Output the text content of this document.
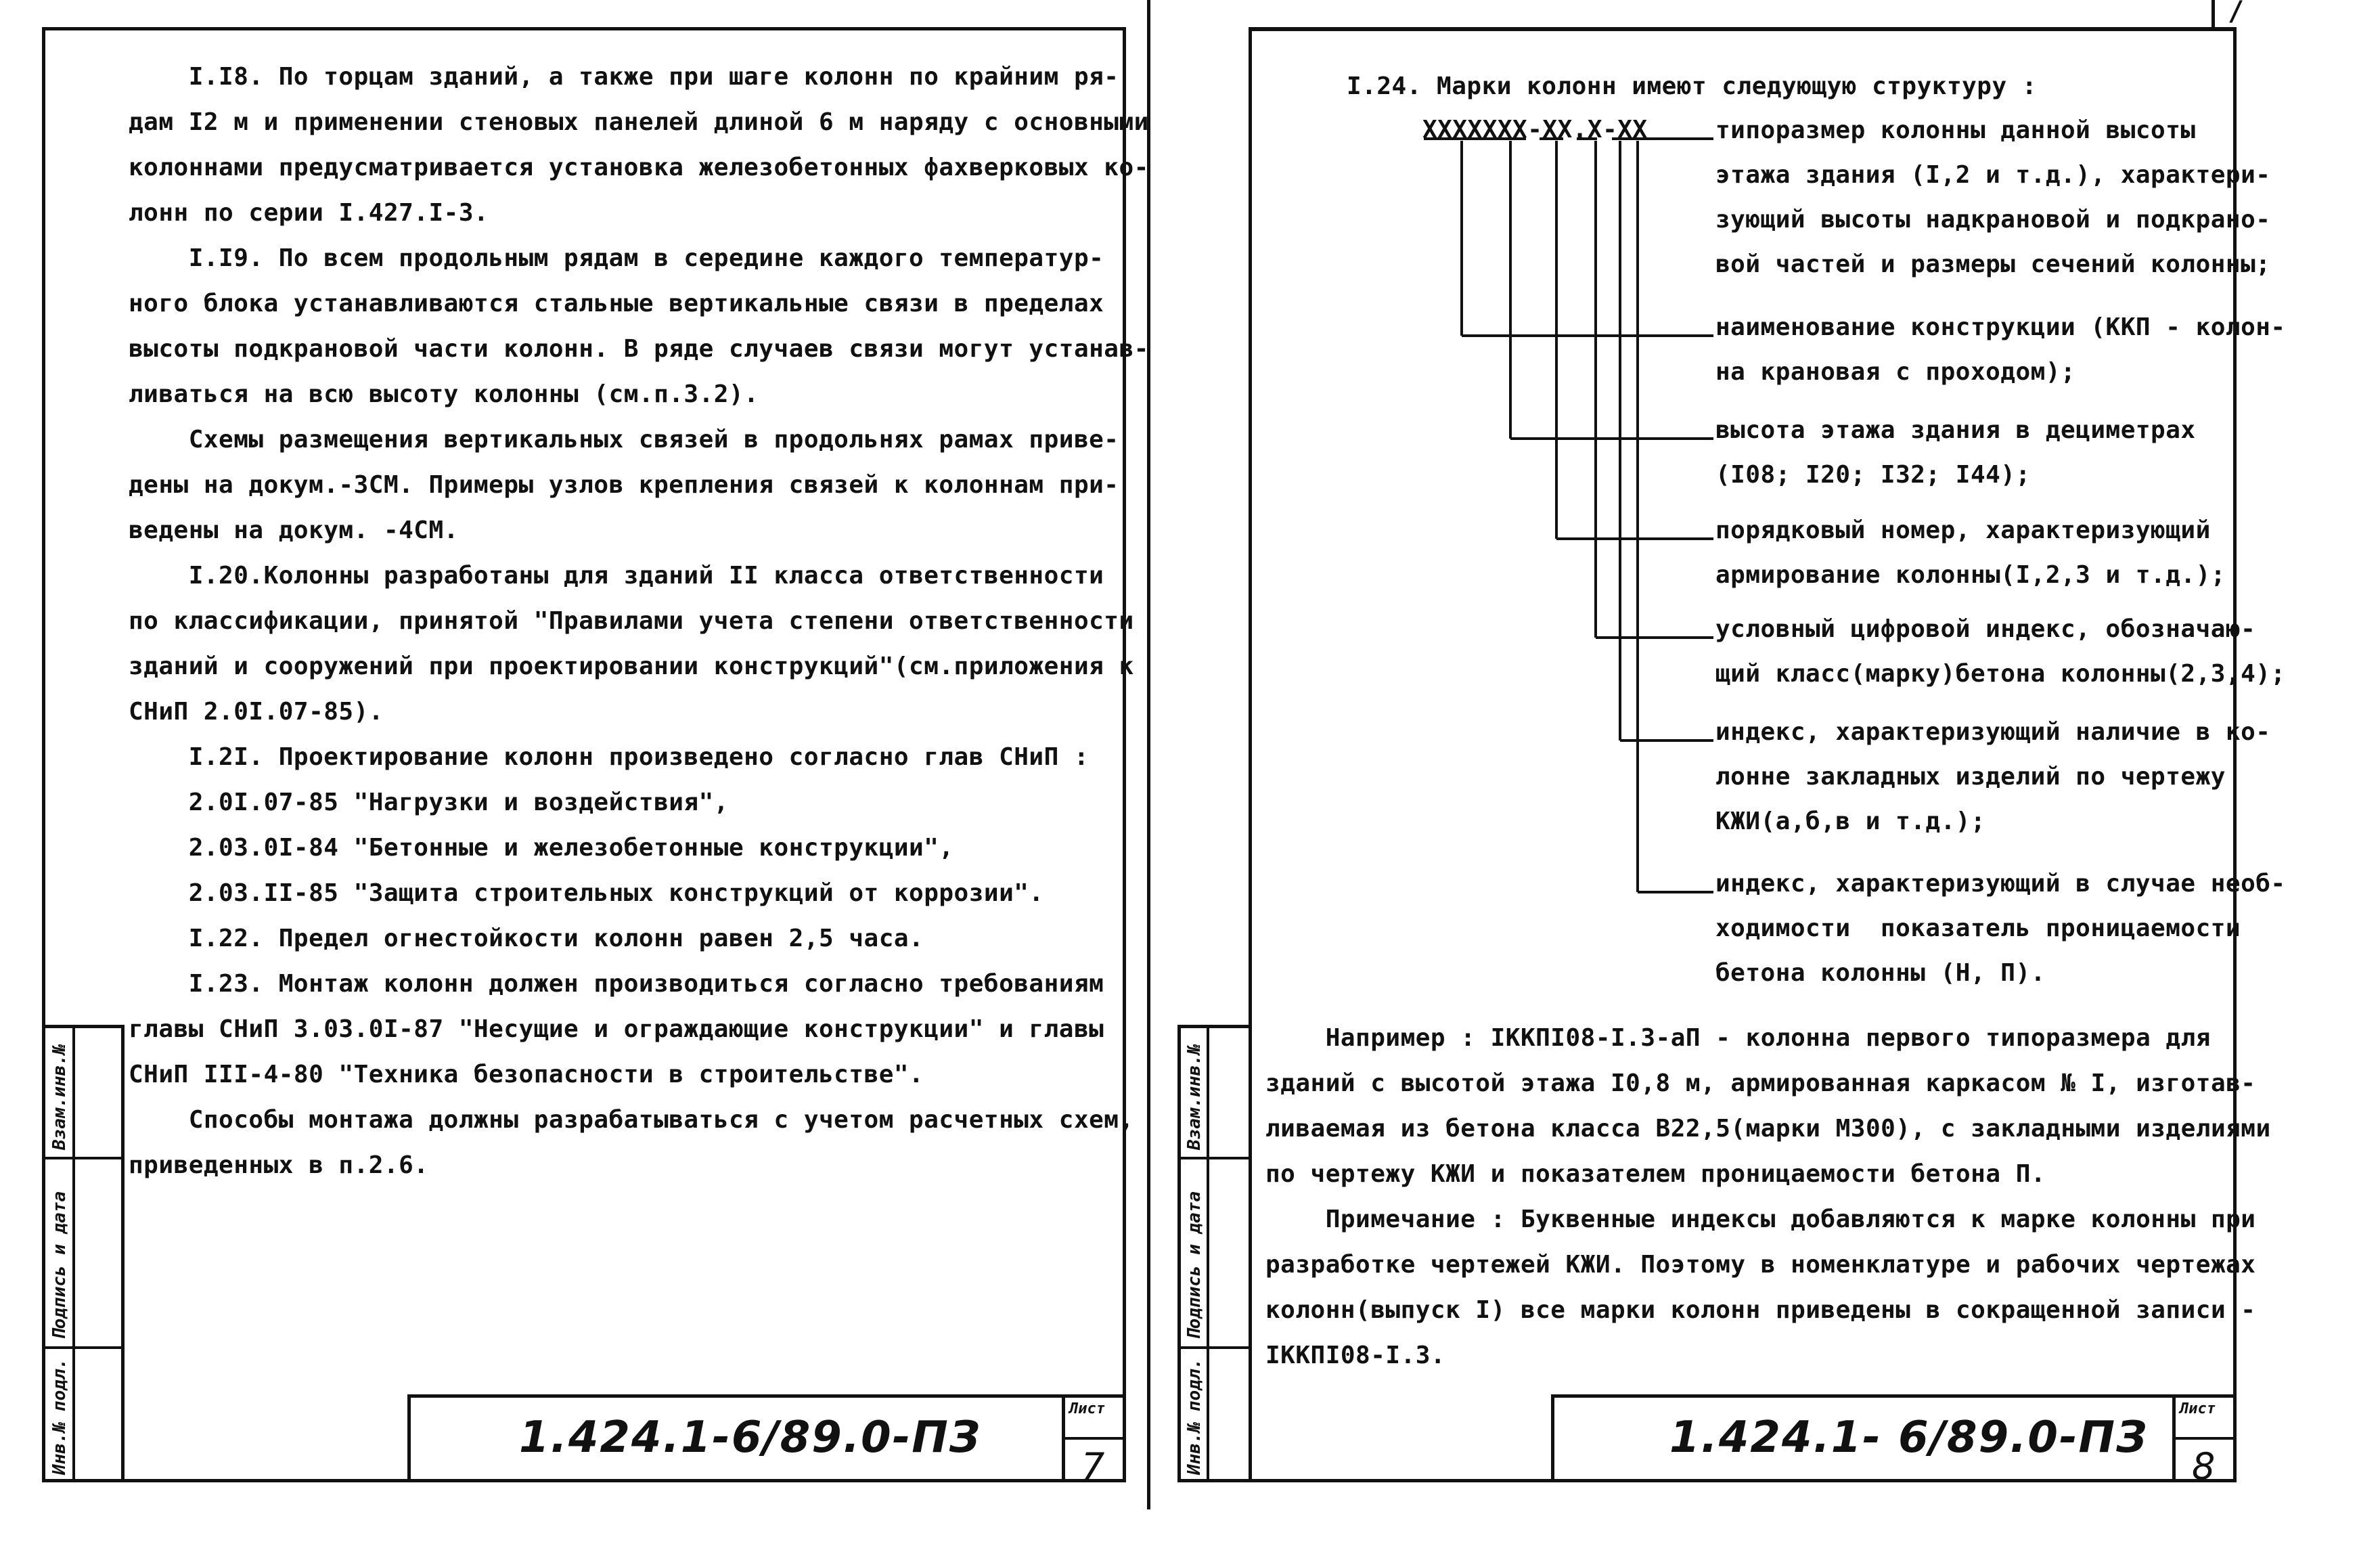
/
I.I8. По торцам зданий, а также при шаге колонн по крайним ря-
дам I2 м и применении стеновых панелей длиной 6 м наряду с основными
колоннами предусматривается установка железобетонных фахверковых ко-
лонн по серии I.427.I-3.
I.I9. По всем продольным рядам в середине каждого температур-
ного блока устанавливаются стальные вертикальные связи в пределах
высоты подкрановой части колонн. В ряде случаев связи могут устанав-
ливаться на всю высоту колонны (см.п.3.2).
Схемы размещения вертикальных связей в продольнях рамах приве-
дены на докум.-3СМ. Примеры узлов крепления связей к колоннам при-
ведены на докум. -4СМ.
I.20.Колонны разработаны для зданий II класса ответственности
по классификации, принятой "Правилами учета степени ответственности
зданий и сооружений при проектировании конструкций"(см.приложения к
СНиП 2.0I.07-85).
I.2I. Проектирование колонн произведено согласно глав СНиП :
2.0I.07-85 "Нагрузки и воздействия",
2.03.0I-84 "Бетонные и железобетонные конструкции",
2.03.II-85 "Защита строительных конструкций от коррозии".
I.22. Предел огнестойкости колонн равен 2,5 часа.
I.23. Монтаж колонн должен производиться согласно требованиям
главы СНиП 3.03.0I-87 "Несущие и ограждающие конструкции" и главы
СНиП III-4-80 "Техника безопасности в строительстве".
Способы монтажа должны разрабатываться с учетом расчетных схем,
приведенных в п.2.6.
Инв.№ подл.
Подпись и дата
Взам.инв.№
1.424.1-6/89.0-ПЗ
Лист
7
I.24. Марки колонн имеют следующую структуру :
XXXXXXX-XX.X-XX	типоразмер колонны данной высоты
этажа здания (I,2 и т.д.), характери-
зующий высоты надкрановой и подкрано-
вой частей и размеры сечений колонны;
наименование конструкции (ККП - колон-
на крановая с проходом);
высота этажа здания в дециметрах
(I08; I20; I32; I44);
порядковый номер, характеризующий
армирование колонны(I,2,3 и т.д.);
условный цифровой индекс, обозначаю-
щий класс(марку)бетона колонны(2,3,4);
индекс, характеризующий наличие в ко-
лонне закладных изделий по чертежу
КЖИ(а,б,в и т.д.);
индекс, характеризующий в случае необ-
ходимости  показатель проницаемости
бетона колонны (Н, П).
Например : IККПI08-I.3-аП - колонна первого типоразмера для
зданий с высотой этажа I0,8 м, армированная каркасом № I, изготав-
ливаемая из бетона класса В22,5(марки М300), с закладными изделиями
по чертежу КЖИ и показателем проницаемости бетона П.
Примечание : Буквенные индексы добавляются к марке колонны при
разработке чертежей КЖИ. Поэтому в номенклатуре и рабочих чертежах
колонн(выпуск I) все марки колонн приведены в сокращенной записи -
IККПI08-I.3.
Инв.№ подл.
Подпись и дата
Взам.инв.№
1.424.1- 6/89.0-ПЗ
Лист
8
